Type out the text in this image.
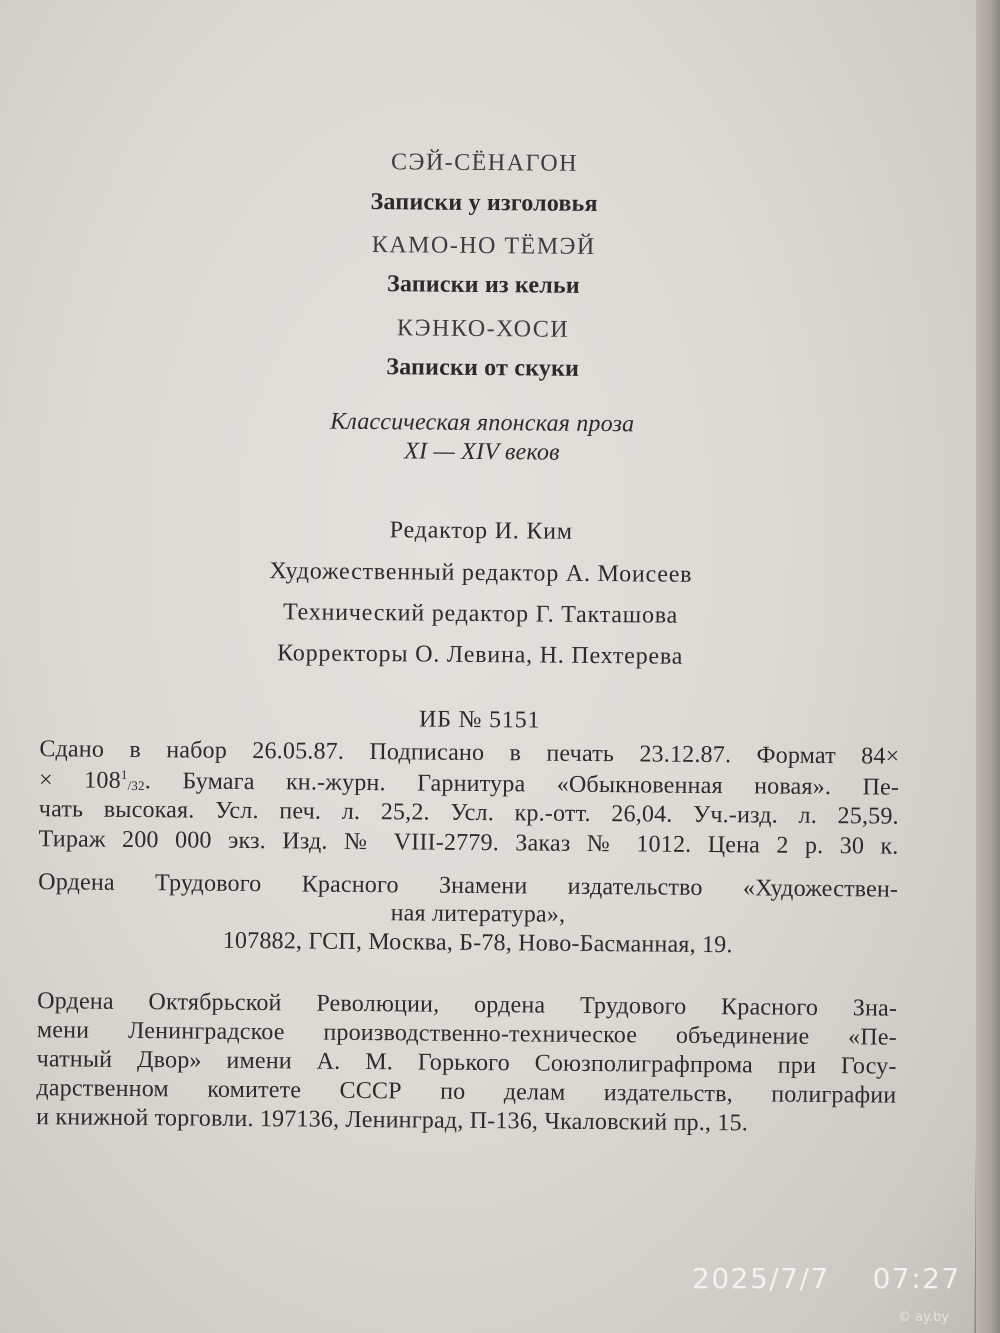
СЭЙ-СЁНАГОН
Записки у изголовья
КАМО-НО ТЁМЭЙ
Записки из кельи
КЭНКО-ХОСИ
Записки от скуки
Классическая японская проза
XI — XIV веков
Редактор И. Ким
Художественный редактор А. Моисеев
Технический редактор Г. Такташова
Корректоры О. Левина, Н. Пехтерева
ИБ № 5151
Сдано в набор 26.05.87. Подписано в печать 23.12.87. Формат 84×
× $108^1_{/32}$. Бумага кн.-журн. Гарнитура «Обыкновенная новая». Пе-
чать высокая. Усл. печ. л. 25,2. Усл. кр.-отт. 26,04. Уч.-изд. л. 25,59.
Тираж 200 000 экз. Изд. № VIII-2779. Заказ № 1012. Цена 2 р. 30 к.
Ордена Трудового Красного Знамени издательство «Художествен-
ная литература»,
107882, ГСП, Москва, Б-78, Ново-Басманная, 19.
Ордена Октябрьской Революции, ордена Трудового Красного Зна-
мени Ленинградское производственно-техническое объединение «Пе-
чатный Двор» имени А. М. Горького Союзполиграфпрома при Госу-
дарственном комитете СССР по делам издательств, полиграфии
и книжной торговли. 197136, Ленинград, П-136, Чкаловский пр., 15.
2025/7/7 07:27
© ay.by
